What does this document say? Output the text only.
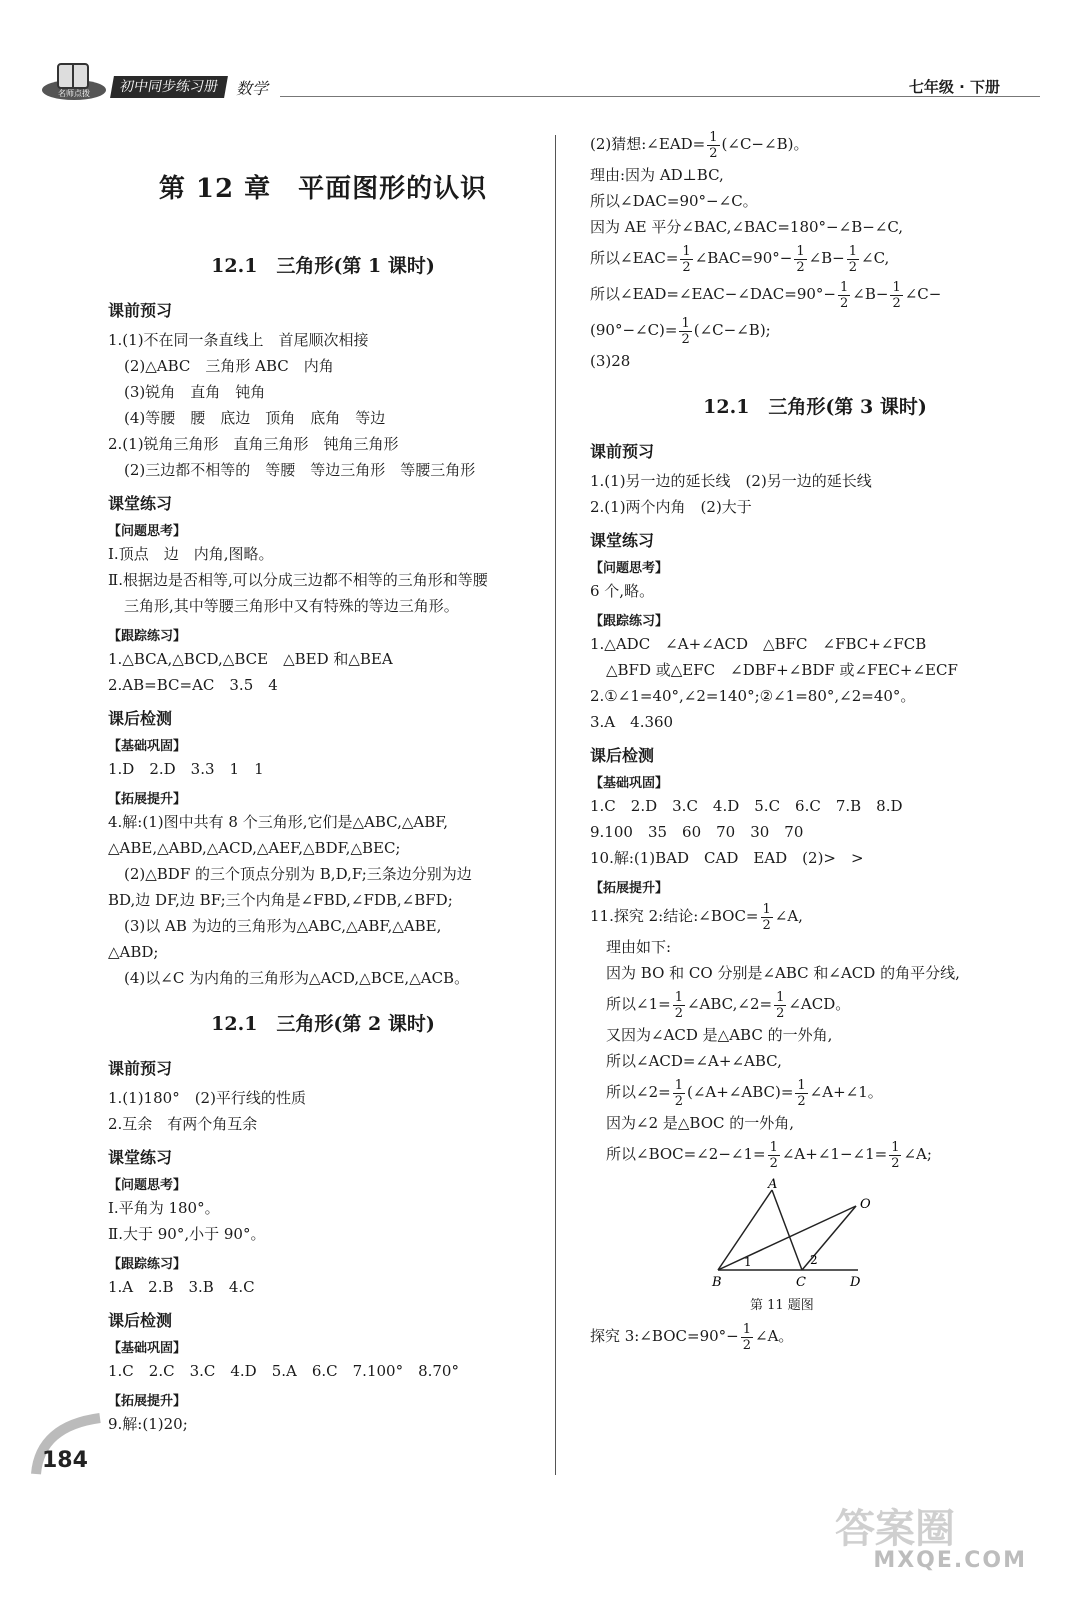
名师点拨	初中同步练习册	数学	七年级 · 下册
第 12 章　平面图形的认识
12.1　三角形(第 1 课时)
课前预习
1.(1)不在同一条直线上　首尾顺次相接
(2)△ABC　三角形 ABC　内角
(3)锐角　直角　钝角
(4)等腰　腰　底边　顶角　底角　等边
2.(1)锐角三角形　直角三角形　钝角三角形
(2)三边都不相等的　等腰　等边三角形　等腰三角形
课堂练习
【问题思考】
Ⅰ.顶点　边　内角,图略。
Ⅱ.根据边是否相等,可以分成三边都不相等的三角形和等腰
三角形,其中等腰三角形中又有特殊的等边三角形。
【跟踪练习】
1.△BCA,△BCD,△BCE　△BED 和△BEA
2.AB=BC=AC　3.5　4
课后检测
【基础巩固】
1.D　2.D　3.3　1　1
【拓展提升】
4.解:(1)图中共有 8 个三角形,它们是△ABC,△ABF,
△ABE,△ABD,△ACD,△AEF,△BDF,△BEC;
(2)△BDF 的三个顶点分别为 B,D,F;三条边分别为边
BD,边 DF,边 BF;三个内角是∠FBD,∠FDB,∠BFD;
(3)以 AB 为边的三角形为△ABC,△ABF,△ABE,
△ABD;
(4)以∠C 为内角的三角形为△ACD,△BCE,△ACB。
12.1　三角形(第 2 课时)
课前预习
1.(1)180°　(2)平行线的性质
2.互余　有两个角互余
课堂练习
【问题思考】
Ⅰ.平角为 180°。
Ⅱ.大于 90°,小于 90°。
【跟踪练习】
1.A　2.B　3.B　4.C
课后检测
【基础巩固】
1.C　2.C　3.C　4.D　5.A　6.C　7.100°　8.70°
【拓展提升】
9.解:(1)20;
(2)猜想:∠EAD= $\frac{1}{2}$ (∠C−∠B)。
理由:因为 AD⊥BC,
所以∠DAC=90°−∠C。
因为 AE 平分∠BAC,∠BAC=180°−∠B−∠C,
所以∠EAC= $\frac{1}{2}$ ∠BAC=90°− $\frac{1}{2}$ ∠B− $\frac{1}{2}$ ∠C,
所以∠EAD=∠EAC−∠DAC=90°− $\frac{1}{2}$ ∠B− $\frac{1}{2}$ ∠C−
(90°−∠C)= $\frac{1}{2}$ (∠C−∠B);
(3)28
12.1　三角形(第 3 课时)
课前预习
1.(1)另一边的延长线　(2)另一边的延长线
2.(1)两个内角　(2)大于
课堂练习
【问题思考】
6 个,略。
【跟踪练习】
1.△ADC　∠A+∠ACD　△BFC　∠FBC+∠FCB
△BFD 或△EFC　∠DBF+∠BDF 或∠FEC+∠ECF
2.①∠1=40°,∠2=140°;②∠1=80°,∠2=40°。
3.A　4.360
课后检测
【基础巩固】
1.C　2.D　3.C　4.D　5.C　6.C　7.B　8.D
9.100　35　60　70　30　70
10.解:(1)BAD　CAD　EAD　(2)>　>
【拓展提升】
11.探究 2:结论:∠BOC= $\frac{1}{2}$ ∠A,
理由如下:
因为 BO 和 CO 分别是∠ABC 和∠ACD 的角平分线,
所以∠1= $\frac{1}{2}$ ∠ABC,∠2= $\frac{1}{2}$ ∠ACD。
又因为∠ACD 是△ABC 的一外角,
所以∠ACD=∠A+∠ABC,
所以∠2= $\frac{1}{2}$ (∠A+∠ABC)= $\frac{1}{2}$ ∠A+∠1。
因为∠2 是△BOC 的一外角,
所以∠BOC=∠2−∠1= $\frac{1}{2}$ ∠A+∠1−∠1= $\frac{1}{2}$ ∠A;
A
O
B	C	D
1	2
第 11 题图
探究 3:∠BOC=90°− $\frac{1}{2}$ ∠A。
184
答案圈
MXQE.COM
